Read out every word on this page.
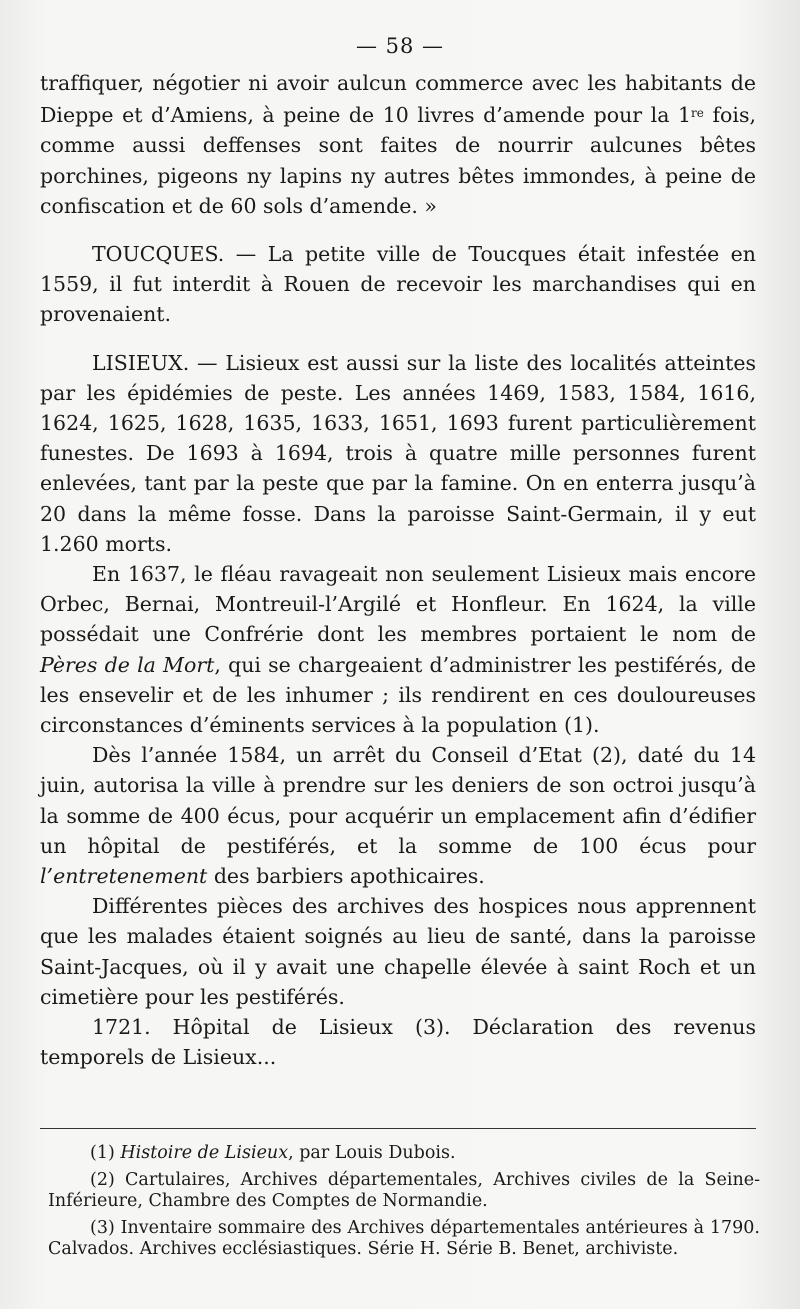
— 58 —

trafﬁquer, négotier ni avoir aulcun commerce avec les habitants de Dieppe et d’Amiens, à peine de 10 livres d’amende pour la 1re fois, comme aussi deffenses sont faites de nourrir aulcunes bêtes porchines, pigeons ny lapins ny autres bêtes immondes, à peine de confiscation et de 60 sols d’amende. »

TOUCQUES. — La petite ville de Toucques était infestée en 1559, il fut interdit à Rouen de recevoir les marchandises qui en provenaient.

LISIEUX. — Lisieux est aussi sur la liste des localités atteintes par les épidémies de peste. Les années 1469, 1583, 1584, 1616, 1624, 1625, 1628, 1635, 1633, 1651, 1693 furent particulièrement funestes. De 1693 à 1694, trois à quatre mille personnes furent enlevées, tant par la peste que par la famine. On en enterra jusqu’à 20 dans la même fosse. Dans la paroisse Saint-Germain, il y eut 1.260 morts.

En 1637, le fléau ravageait non seulement Lisieux mais encore Orbec, Bernai, Montreuil-l’Argilé et Honfleur. En 1624, la ville possédait une Confrérie dont les membres portaient le nom de Pères de la Mort, qui se chargeaient d’administrer les pestiférés, de les ensevelir et de les inhumer ; ils rendirent en ces douloureuses circonstances d’éminents services à la population (1).

Dès l’année 1584, un arrêt du Conseil d’Etat (2), daté du 14 juin, autorisa la ville à prendre sur les deniers de son octroi jusqu’à la somme de 400 écus, pour acquérir un emplacement afin d’édifier un hôpital de pestiférés, et la somme de 100 écus pour l’entretenement des barbiers apothicaires.

Différentes pièces des archives des hospices nous apprennent que les malades étaient soignés au lieu de santé, dans la paroisse Saint-Jacques, où il y avait une chapelle élevée à saint Roch et un cimetière pour les pestiférés.

1721. Hôpital de Lisieux (3). Déclaration des revenus temporels de Lisieux...

(1) Histoire de Lisieux, par Louis Dubois.

(2) Cartulaires, Archives départementales, Archives civiles de la Seine-Inférieure, Chambre des Comptes de Normandie.

(3) Inventaire sommaire des Archives départementales antérieures à 1790. Calvados. Archives ecclésiastiques. Série H. Série B. Benet, archiviste.
